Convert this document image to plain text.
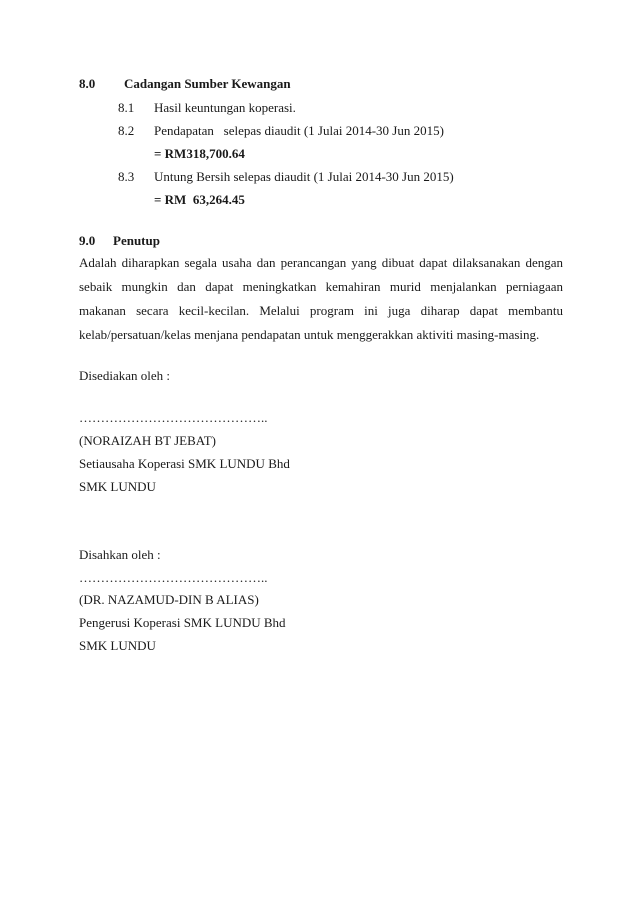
8.0 Cadangan Sumber Kewangan
8.1 Hasil keuntungan koperasi.
8.2 Pendapatan   selepas diaudit (1 Julai 2014-30 Jun 2015)
= RM318,700.64
8.3 Untung Bersih selepas diaudit (1 Julai 2014-30 Jun 2015)
= RM  63,264.45
9.0 Penutup
Adalah diharapkan segala usaha dan perancangan yang dibuat dapat dilaksanakan dengan sebaik mungkin dan dapat meningkatkan kemahiran murid menjalankan perniagaan makanan secara kecil-kecilan. Melalui program ini juga diharap dapat membantu kelab/persatuan/kelas menjana pendapatan untuk menggerakkan aktiviti masing-masing.
Disediakan oleh :
……………………………………..
(NORAIZAH BT JEBAT)
Setiausaha Koperasi SMK LUNDU Bhd
SMK LUNDU
Disahkan oleh :
……………………………………..
(DR. NAZAMUD-DIN B ALIAS)
Pengerusi Koperasi SMK LUNDU Bhd
SMK LUNDU
